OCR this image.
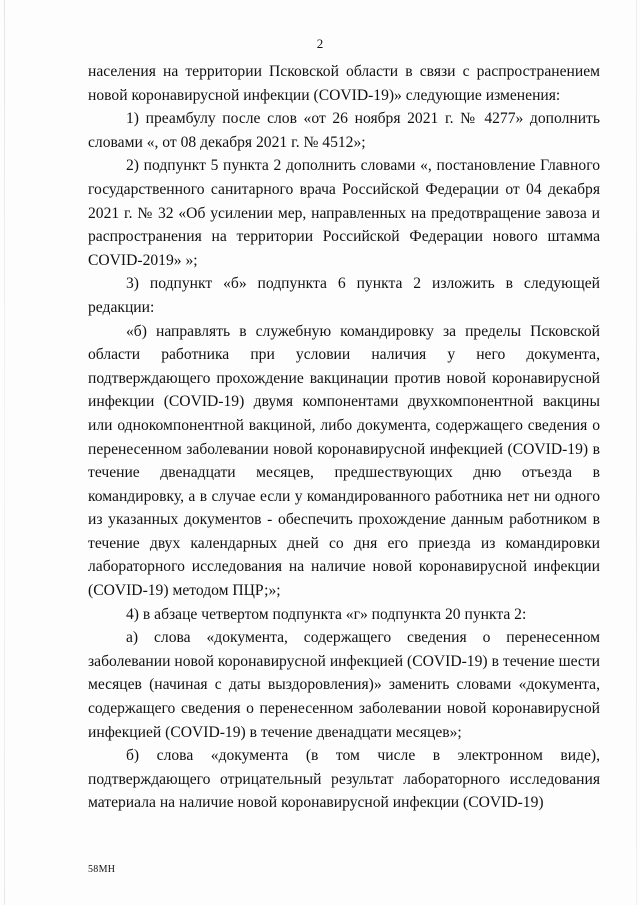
2

населения на территории Псковской области в связи с распространением новой коронавирусной инфекции (COVID-19)» следующие изменения:

1) преамбулу после слов «от 26 ноября 2021 г. № 4277» дополнить словами «, от 08 декабря 2021 г. № 4512»;

2) подпункт 5 пункта 2 дополнить словами «, постановление Главного государственного санитарного врача Российской Федерации от 04 декабря 2021 г. № 32 «Об усилении мер, направленных на предотвращение завоза и распространения на территории Российской Федерации нового штамма COVID-2019» »;

3) подпункт «б» подпункта 6 пункта 2 изложить в следующей редакции:

«б) направлять в служебную командировку за пределы Псковской области работника при условии наличия у него документа, подтверждающего прохождение вакцинации против новой коронавирусной инфекции (COVID-19) двумя компонентами двухкомпонентной вакцины или однокомпонентной вакциной, либо документа, содержащего сведения о перенесенном заболевании новой коронавирусной инфекцией (COVID-19) в течение двенадцати месяцев, предшествующих дню отъезда в командировку, а в случае если у командированного работника нет ни одного из указанных документов - обеспечить прохождение данным работником в течение двух календарных дней со дня его приезда из командировки лабораторного исследования на наличие новой коронавирусной инфекции (COVID-19) методом ПЦР;»;

4) в абзаце четвертом подпункта «г» подпункта 20 пункта 2:

а) слова «документа, содержащего сведения о перенесенном заболевании новой коронавирусной инфекцией (COVID-19) в течение шести месяцев (начиная с даты выздоровления)» заменить словами «документа, содержащего сведения о перенесенном заболевании новой коронавирусной инфекцией (COVID-19) в течение двенадцати месяцев»;

б) слова «документа (в том числе в электронном виде), подтверждающего отрицательный результат лабораторного исследования материала на наличие новой коронавирусной инфекции (COVID-19)

58МН
